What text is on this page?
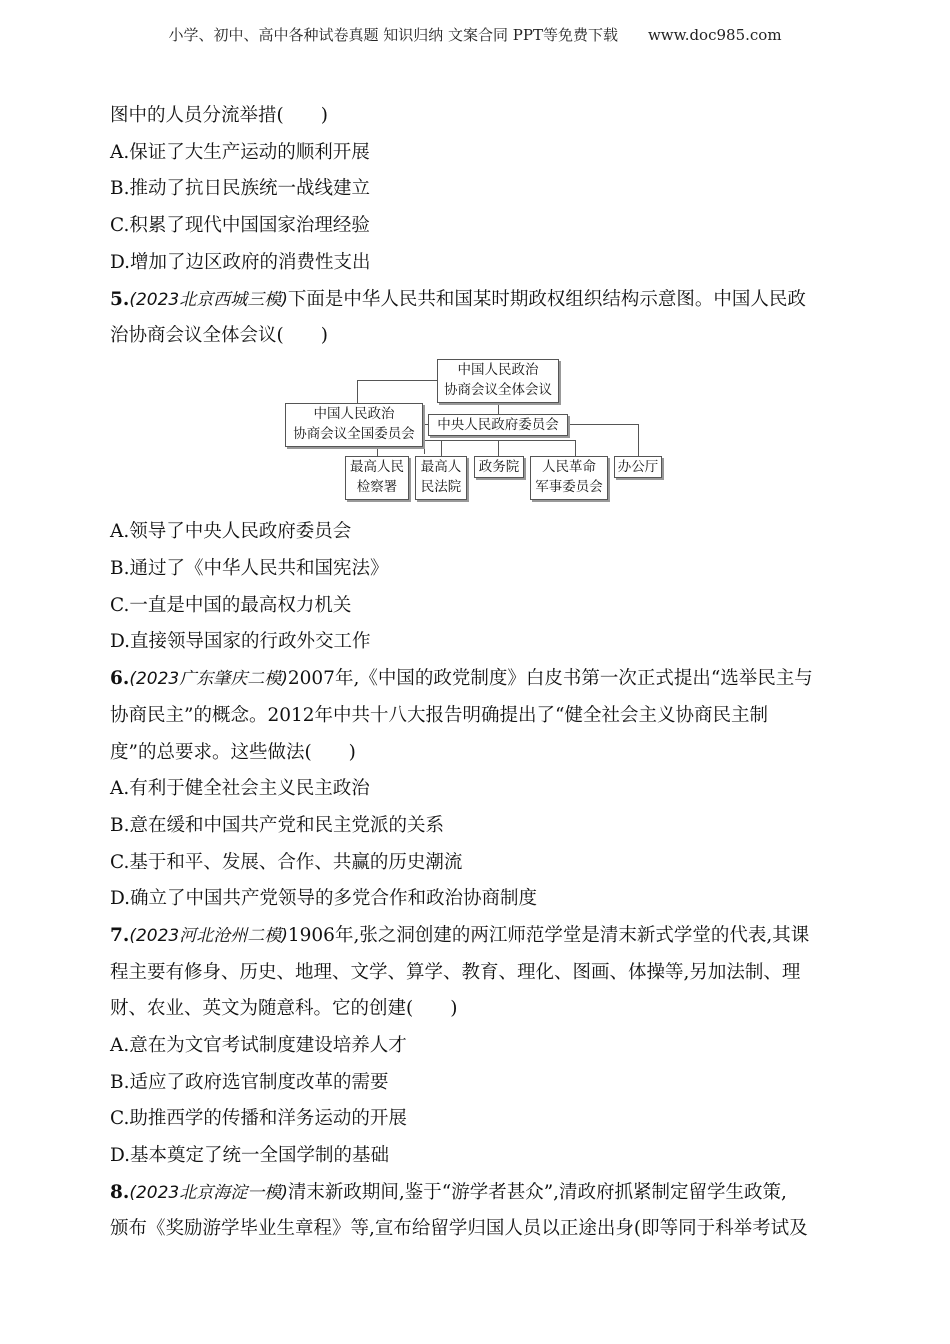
小学、初中、高中各种试卷真题 知识归纳 文案合同 PPT等免费下载　　www.doc985.com
图中的人员分流举措(　　)
A.保证了大生产运动的顺利开展
B.推动了抗日民族统一战线建立
C.积累了现代中国国家治理经验
D.增加了边区政府的消费性支出
5.(2023北京西城三模)下面是中华人民共和国某时期政权组织结构示意图。中国人民政
治协商会议全体会议(　　)
中国人民政治
协商会议全体会议
中国人民政治
协商会议全国委员会
中央人民政府委员会
最高人民
检察署
最高人
民法院
政务院	人民革命
军事委员会
办公厅
A.领导了中央人民政府委员会
B.通过了《中华人民共和国宪法》
C.一直是中国的最高权力机关
D.直接领导国家的行政外交工作
6.(2023广东肇庆二模)2007年,《中国的政党制度》白皮书第一次正式提出“选举民主与
协商民主”的概念。2012年中共十八大报告明确提出了“健全社会主义协商民主制
度”的总要求。这些做法(　　)
A.有利于健全社会主义民主政治
B.意在缓和中国共产党和民主党派的关系
C.基于和平、发展、合作、共赢的历史潮流
D.确立了中国共产党领导的多党合作和政治协商制度
7.(2023河北沧州二模)1906年,张之洞创建的两江师范学堂是清末新式学堂的代表,其课
程主要有修身、历史、地理、文学、算学、教育、理化、图画、体操等,另加法制、理
财、农业、英文为随意科。它的创建(　　)
A.意在为文官考试制度建设培养人才
B.适应了政府选官制度改革的需要
C.助推西学的传播和洋务运动的开展
D.基本奠定了统一全国学制的基础
8.(2023北京海淀一模)清末新政期间,鉴于“游学者甚众”,清政府抓紧制定留学生政策,
颁布《奖励游学毕业生章程》等,宣布给留学归国人员以正途出身(即等同于科举考试及
